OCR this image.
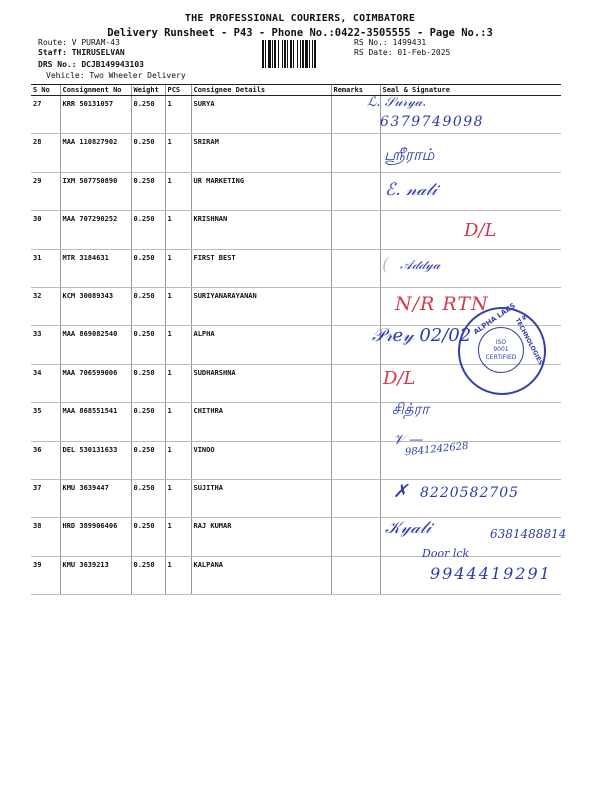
THE PROFESSIONAL COURIERS, COIMBATORE
Delivery Runsheet - P43 - Phone No.:0422-3505555 - Page No.:3
Route: V PURAM-43
Staff: THIRUSELVAN
DRS No.: DCJB149943103
Vehicle: Two Wheeler Delivery
RS No.: 1499431
RS Date: 01-Feb-2025
S No	Consignment No	Weight	PCS	Consignee Details	Remarks	Seal & Signature
27	KRR 50131057	0.250	1	SURYA		
28	MAA 110827902	0.250	1	SRIRAM		
29	IXM 507750890	0.250	1	UR MARKETING		
30	MAA 707290252	0.250	1	KRISHNAN		
31	MTR 3184631	0.250	1	FIRST BEST		
32	KCM 30089343	0.250	1	SURIYANARAYANAN		
33	MAA 869082540	0.250	1	ALPHA		
34	MAA 706599006	0.250	1	SUDHARSHNA		
35	MAA 868551541	0.250	1	CHITHRA		
36	DEL 530131633	0.250	1	VINOO		
37	KMU 3639447	0.250	1	SUJITHA		
38	HRD 389906406	0.250	1	RAJ KUMAR		
39	KMU 3639213	0.250	1	KALPANA		
ℒ. 𝒮𝓊𝓇𝓎𝒶.
6379749098
ஸ்ரீராம்
ℰ. 𝓃𝒶𝓁𝒾
D/L
𝒜𝒹𝒹𝓎𝒶
(
N/R RTN
𝒫𝓇𝑒𝓎 02/02
D/L
சித்ரா
𝒱 —
9841242628
✗ 8220582705
𝒦𝓎𝒶𝓁𝒾	6381488814
Door lck
9944419291
ALPHA LABS & TECHNOLOGIES
ISO
9001
CERTIFIED
